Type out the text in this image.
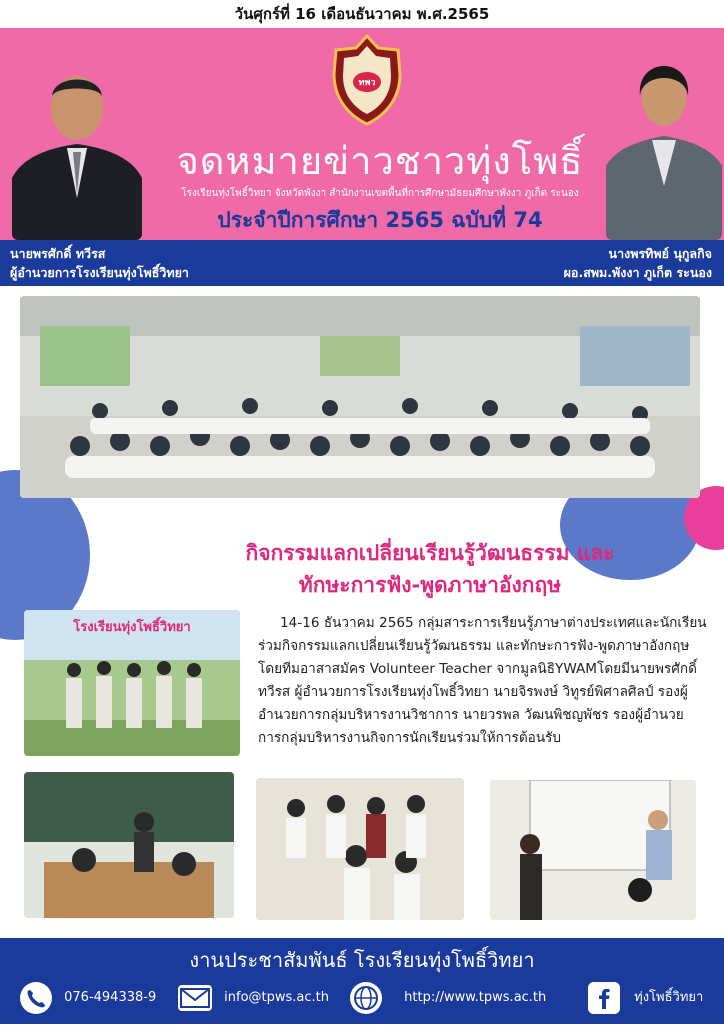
วันศุกร์ที่ 16 เดือนธันวาคม พ.ศ.2565
ทพว
จดหมายข่าวชาวทุ่งโพธิ์
โรงเรียนทุ่งโพธิ์วิทยา จังหวัดพังงา สำนักงานเขตพื้นที่การศึกษามัธยมศึกษาพังงา ภูเก็ต ระนอง
ประจำปีการศึกษา 2565 ฉบับที่ 74
นายพรศักดิ์ ทวีรส
ผู้อำนวยการโรงเรียนทุ่งโพธิ์วิทยา
นางพรทิพย์ นุกูลกิจ
ผอ.สพม.พังงา ภูเก็ต ระนอง
กิจกรรมแลกเปลี่ยนเรียนรู้วัฒนธรรม และ
ทักษะการฟัง-พูดภาษาอังกฤษ
โรงเรียนทุ่งโพธิ์วิทยา	14-16 ธันวาคม 2565 กลุ่มสาระการเรียนรู้ภาษาต่างประเทศและนักเรียนร่วมกิจกรรมแลกเปลี่ยนเรียนรู้วัฒนธรรม และทักษะการฟัง-พูดภาษาอังกฤษ โดยทีมอาสาสมัคร Volunteer Teacher จากมูลนิธิYWAMโดยมีนายพรศักดิ์ ทวีรส ผู้อำนวยการโรงเรียนทุ่งโพธิ์วิทยา นายจิรพงษ์ วิทูรย์พิศาลศิลป์ รองผู้อำนวยการกลุ่มบริหารงานวิชาการ นายวรพล วัฒนพิชญพัชร รองผู้อำนวยการกลุ่มบริหารงานกิจการนักเรียนร่วมให้การต้อนรับ
งานประชาสัมพันธ์ โรงเรียนทุ่งโพธิ์วิทยา
076-494338-9	info@tpws.ac.th	http://www.tpws.ac.th	ทุ่งโพธิ์วิทยา
